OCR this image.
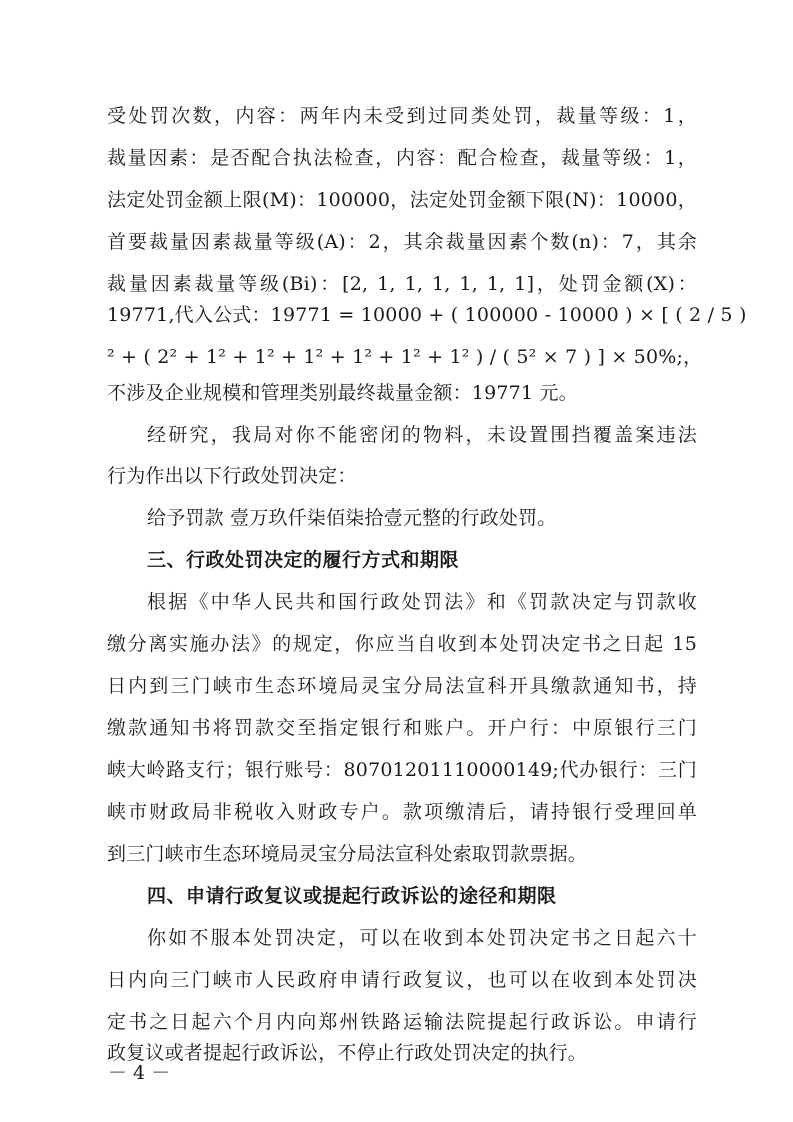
受处罚次数，内容：两年内未受到过同类处罚，裁量等级：1，
裁量因素：是否配合执法检查，内容：配合检查，裁量等级：1，
法定处罚金额上限(M)：100000，法定处罚金额下限(N)：10000，
首要裁量因素裁量等级(A)：2，其余裁量因素个数(n)：7，其余
裁量因素裁量等级(Bi)：[2, 1, 1, 1, 1, 1, 1]，处罚金额(X)：
19771,代入公式：19771 = 10000 + ( 100000 - 10000 ) × [ ( 2 / 5 )
² + ( 2² + 1² + 1² + 1² + 1² + 1² + 1² ) / ( 5² × 7 ) ] × 50%;，
不涉及企业规模和管理类别最终裁量金额：19771 元。
经研究，我局对你不能密闭的物料，未设置围挡覆盖案违法
行为作出以下行政处罚决定：
给予罚款 壹万玖仟柒佰柒拾壹元整的行政处罚。
三、行政处罚决定的履行方式和期限
根据《中华人民共和国行政处罚法》和《罚款决定与罚款收
缴分离实施办法》的规定，你应当自收到本处罚决定书之日起 15
日内到三门峡市生态环境局灵宝分局法宣科开具缴款通知书，持
缴款通知书将罚款交至指定银行和账户。开户行：中原银行三门
峡大岭路支行；银行账号：80701201110000149;代办银行：三门
峡市财政局非税收入财政专户。款项缴清后，请持银行受理回单
到三门峡市生态环境局灵宝分局法宣科处索取罚款票据。
四、申请行政复议或提起行政诉讼的途径和期限
你如不服本处罚决定，可以在收到本处罚决定书之日起六十
日内向三门峡市人民政府申请行政复议，也可以在收到本处罚决
定书之日起六个月内向郑州铁路运输法院提起行政诉讼。申请行
政复议或者提起行政诉讼，不停止行政处罚决定的执行。
－ 4 －
